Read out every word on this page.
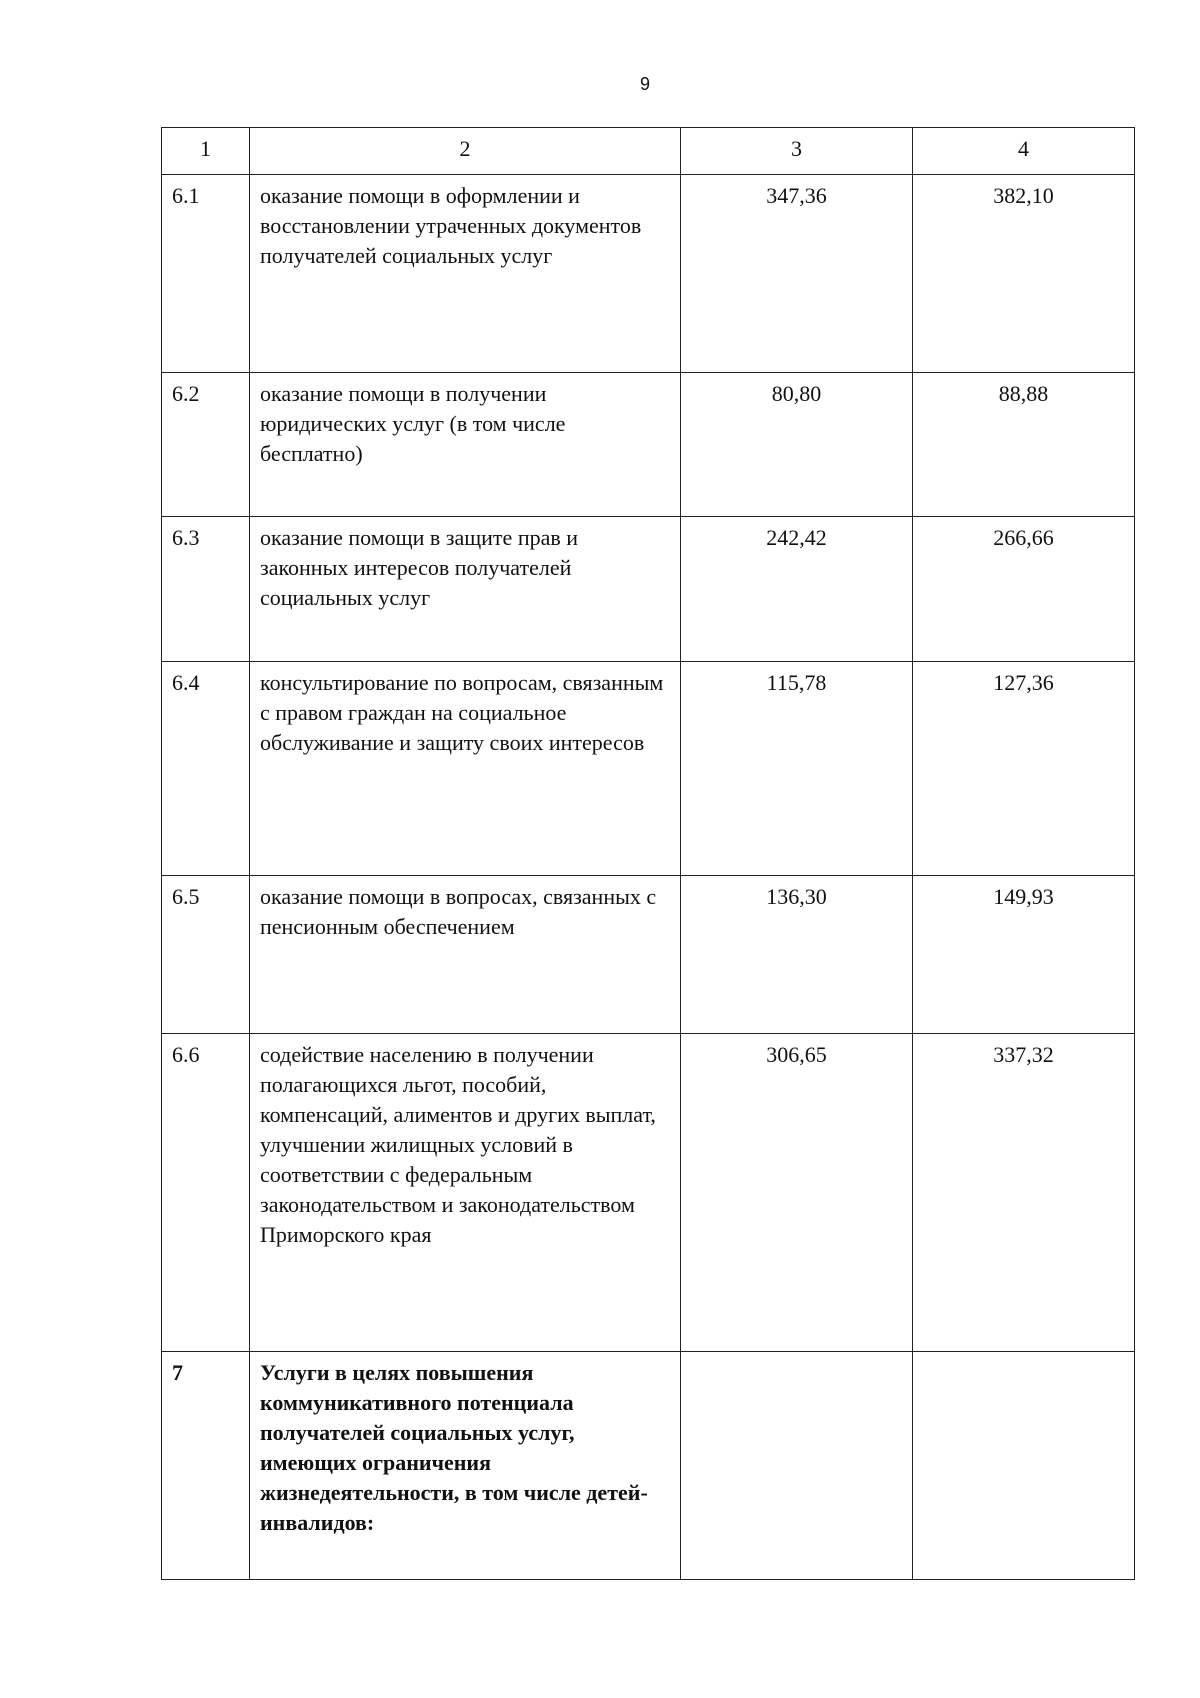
9
1	2	3	4
6.1	оказание помощи в оформлении и восстановлении утраченных документов получателей социальных услуг	347,36	382,10
6.2	оказание помощи в получении юридических услуг (в том числе бесплатно)	80,80	88,88
6.3	оказание помощи в защите прав и законных интересов получателей социальных услуг	242,42	266,66
6.4	консультирование по вопросам, связанным с правом граждан на социальное обслуживание и защиту своих интересов	115,78	127,36
6.5	оказание помощи в вопросах, связанных с пенсионным обеспечением	136,30	149,93
6.6	содействие населению в получении полагающихся льгот, пособий, компенсаций, алиментов и других выплат, улучшении жилищных условий в соответствии с федеральным законодательством и законодательством Приморского края	306,65	337,32
7	Услуги в целях повышения коммуникативного потенциала получателей социальных услуг, имеющих ограничения жизнедеятельности, в том числе детей-инвалидов:		
